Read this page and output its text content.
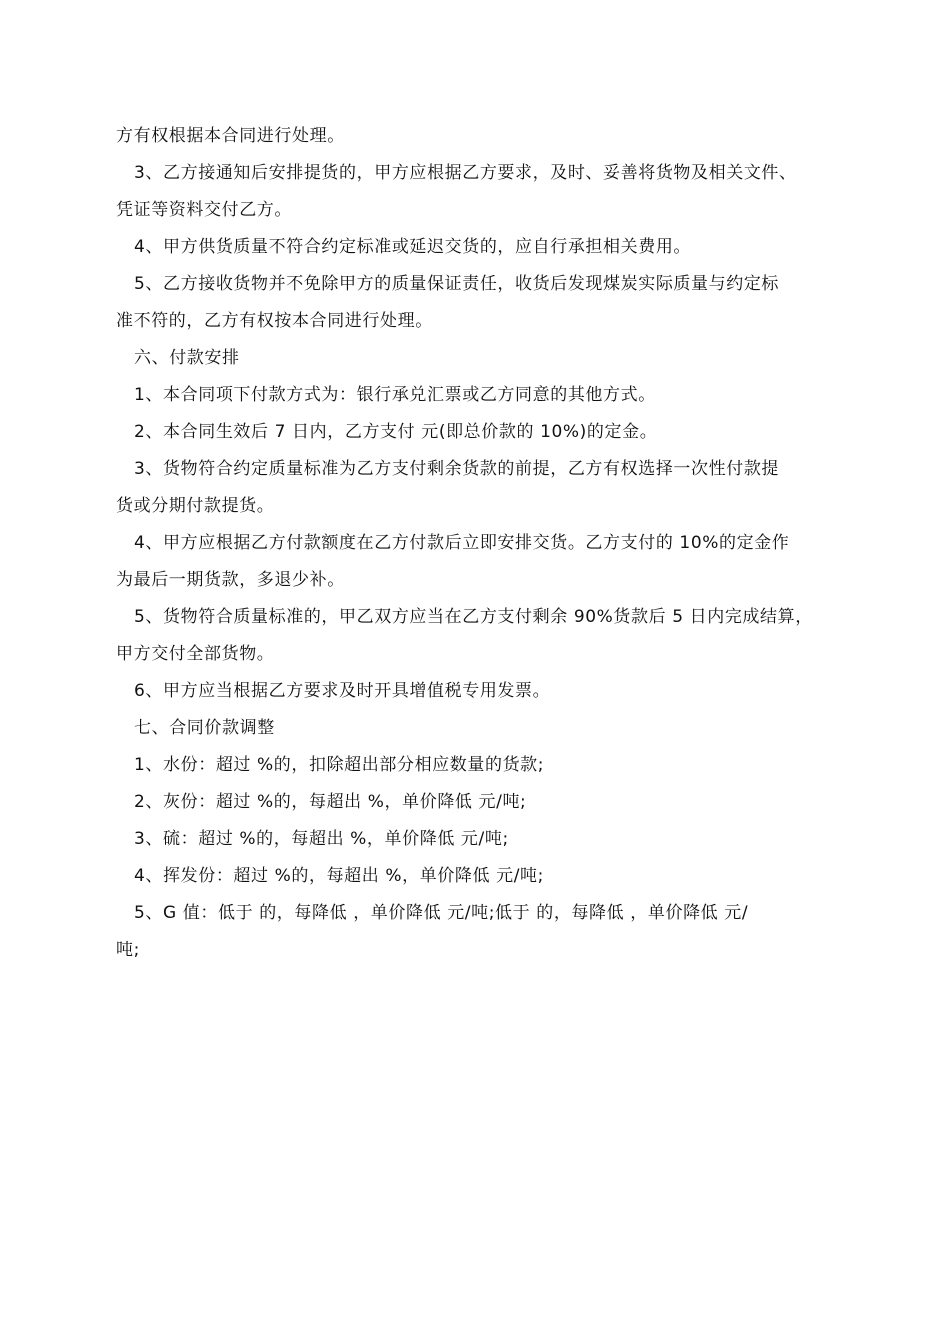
方有权根据本合同进行处理。
3、乙方接通知后安排提货的，甲方应根据乙方要求，及时、妥善将货物及相关文件、
凭证等资料交付乙方。
4、甲方供货质量不符合约定标准或延迟交货的，应自行承担相关费用。
5、乙方接收货物并不免除甲方的质量保证责任，收货后发现煤炭实际质量与约定标
准不符的，乙方有权按本合同进行处理。
六、付款安排
1、本合同项下付款方式为：银行承兑汇票或乙方同意的其他方式。
2、本合同生效后 7 日内，乙方支付 元(即总价款的 10%)的定金。
3、货物符合约定质量标准为乙方支付剩余货款的前提，乙方有权选择一次性付款提
货或分期付款提货。
4、甲方应根据乙方付款额度在乙方付款后立即安排交货。乙方支付的 10%的定金作
为最后一期货款，多退少补。
5、货物符合质量标准的，甲乙双方应当在乙方支付剩余 90%货款后 5 日内完成结算，
甲方交付全部货物。
6、甲方应当根据乙方要求及时开具增值税专用发票。
七、合同价款调整
1、水份：超过 %的，扣除超出部分相应数量的货款;
2、灰份：超过 %的，每超出 %，单价降低 元/吨;
3、硫：超过 %的，每超出 %，单价降低 元/吨;
4、挥发份：超过 %的，每超出 %，单价降低 元/吨;
5、G 值：低于 的，每降低 ，单价降低 元/吨;低于 的，每降低 ，单价降低 元/
吨;
